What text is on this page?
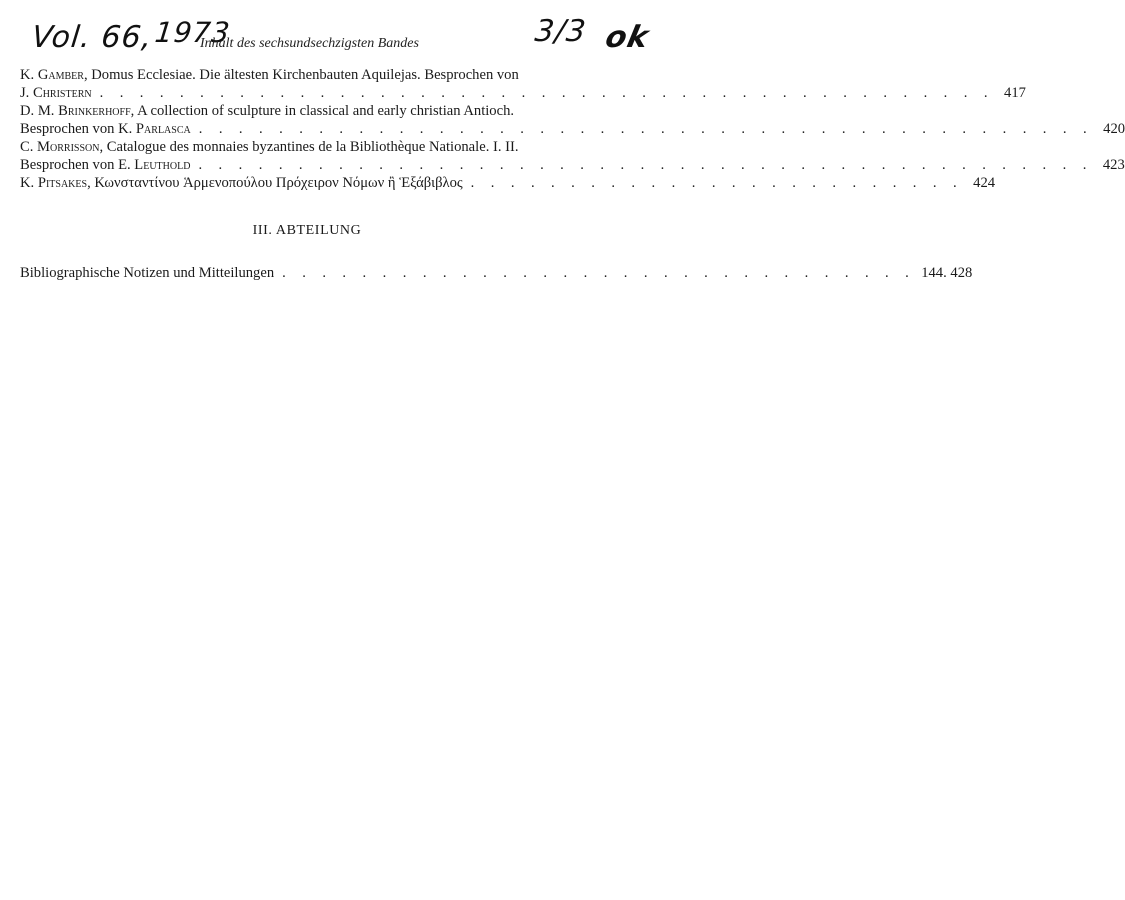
Vol. 66, 1973	3/3 ok
Inhalt des sechsundsechzigsten Bandes
K. Gamber, Domus Ecclesiae. Die ältesten Kirchenbauten Aquilejas. Besprochen von
J. Christern . . . . . . . . . . . . . . . . . . . . . . . . . . . . . . . . . . . . . . . . . . . . . 417
D. M. Brinkerhoff, A collection of sculpture in classical and early christian Antioch.
Besprochen von K. Parlasca . . . . . . . . . . . . . . . . . . . . . . . . . . . . . . . . . . . . . . . . . . . . . 420
C. Morrisson, Catalogue des monnaies byzantines de la Bibliothèque Nationale. I. II.
Besprochen von E. Leuthold . . . . . . . . . . . . . . . . . . . . . . . . . . . . . . . . . . . . . . . . . . . . . 423
K. Pitsakes, Κωνσταντίνου Ἁρμενοπούλου Πρόχειρον Νόμων ἢ Ἑξάβιβλος . . . . . . . . . . . . . . . . . . . . . . . . . 424
III. ABTEILUNG
Bibliographische Notizen und Mitteilungen . . . . . . . . . . . . . . . . . . . . . . . . . . . . . . . . 144. 428
